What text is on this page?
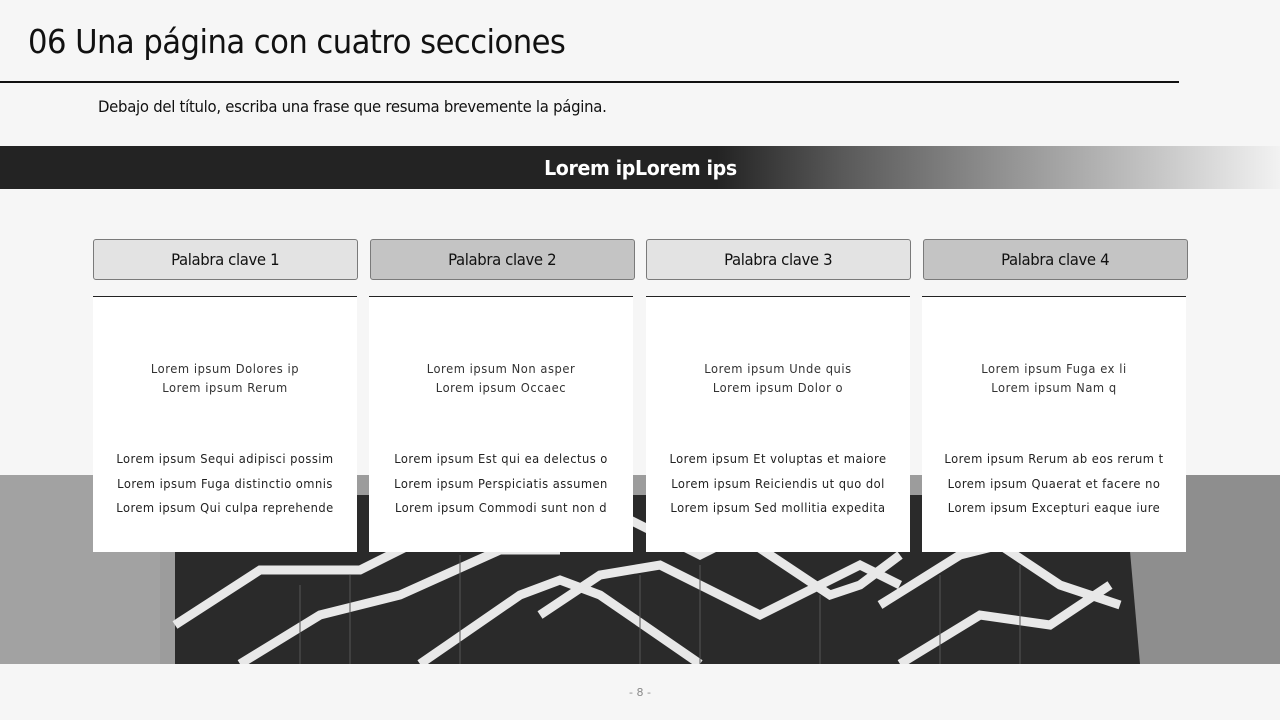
06 Una página con cuatro secciones
Debajo del título, escriba una frase que resuma brevemente la página.
Lorem ipLorem ips
Palabra clave 1	Palabra clave 2	Palabra clave 3	Palabra clave 4
Lorem ipsum Dolores ip
Lorem ipsum Rerum
Lorem ipsum Sequi adipisci possim
Lorem ipsum Fuga distinctio omnis
Lorem ipsum Qui culpa reprehende
Lorem ipsum Non asper
Lorem ipsum Occaec
Lorem ipsum Est qui ea delectus o
Lorem ipsum Perspiciatis assumen
Lorem ipsum Commodi sunt non d
Lorem ipsum Unde quis
Lorem ipsum Dolor o
Lorem ipsum Et voluptas et maiore
Lorem ipsum Reiciendis ut quo dol
Lorem ipsum Sed mollitia expedita
Lorem ipsum Fuga ex li
Lorem ipsum Nam q
Lorem ipsum Rerum ab eos rerum t
Lorem ipsum Quaerat et facere no
Lorem ipsum Excepturi eaque iure
- 8 -
